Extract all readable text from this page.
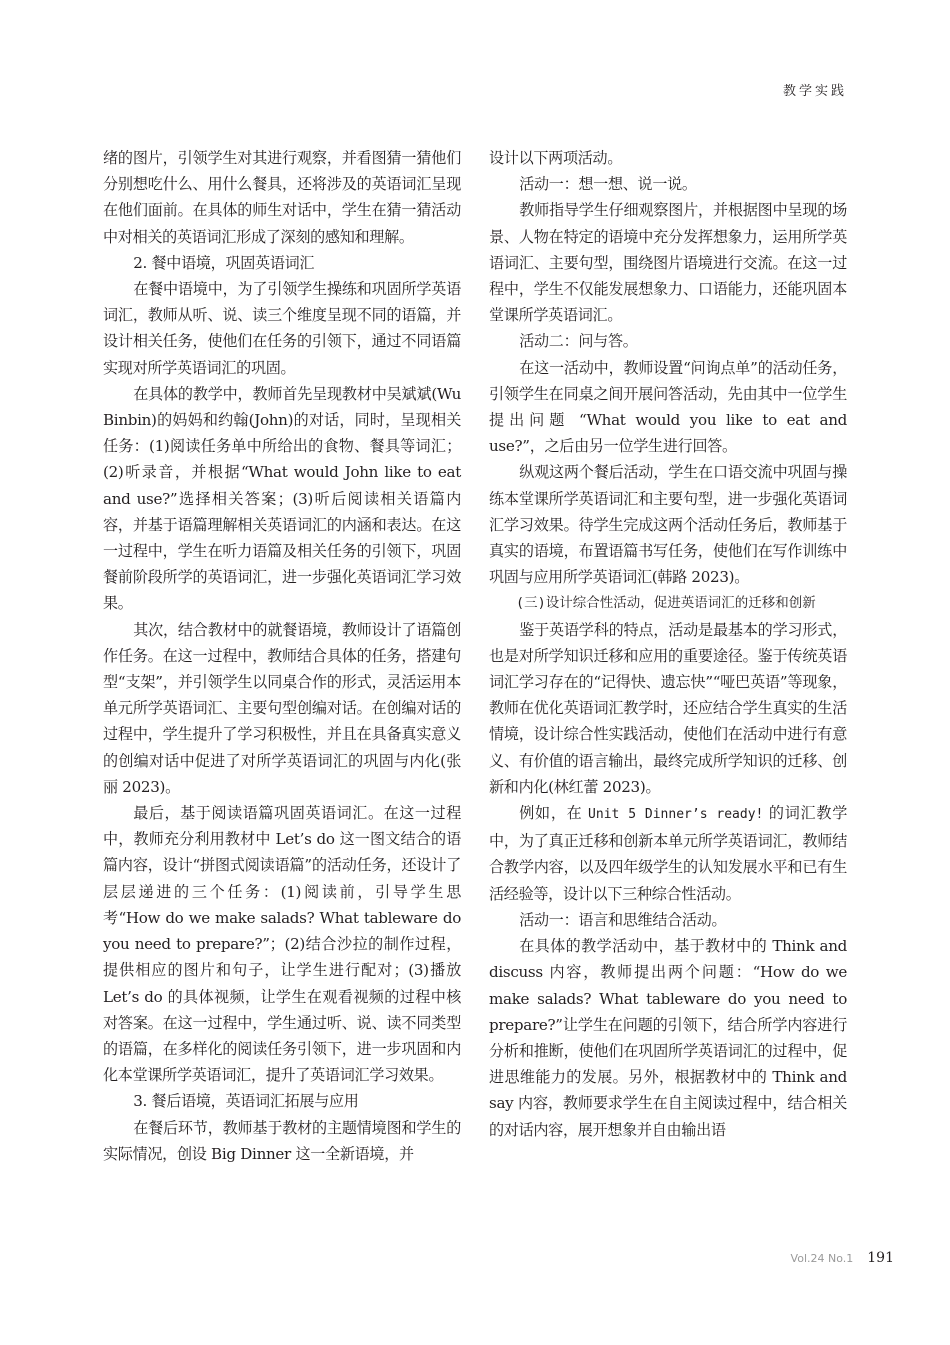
教学实践

绪的图片，引领学生对其进行观察，并看图猜一猜他们分别想吃什么、用什么餐具，还将涉及的英语词汇呈现在他们面前。在具体的师生对话中，学生在猜一猜活动中对相关的英语词汇形成了深刻的感知和理解。

2. 餐中语境，巩固英语词汇

在餐中语境中，为了引领学生操练和巩固所学英语词汇，教师从听、说、读三个维度呈现不同的语篇，并设计相关任务，使他们在任务的引领下，通过不同语篇实现对所学英语词汇的巩固。

在具体的教学中，教师首先呈现教材中吴斌斌(Wu Binbin)的妈妈和约翰(John)的对话，同时，呈现相关任务：(1)阅读任务单中所给出的食物、餐具等词汇；(2)听录音，并根据“What would John like to eat and use?”选择相关答案；(3)听后阅读相关语篇内容，并基于语篇理解相关英语词汇的内涵和表达。在这一过程中，学生在听力语篇及相关任务的引领下，巩固餐前阶段所学的英语词汇，进一步强化英语词汇学习效果。

其次，结合教材中的就餐语境，教师设计了语篇创作任务。在这一过程中，教师结合具体的任务，搭建句型“支架”，并引领学生以同桌合作的形式，灵活运用本单元所学英语词汇、主要句型创编对话。在创编对话的过程中，学生提升了学习积极性，并且在具备真实意义的创编对话中促进了对所学英语词汇的巩固与内化(张丽 2023)。

最后，基于阅读语篇巩固英语词汇。在这一过程中，教师充分利用教材中 Let’s do 这一图文结合的语篇内容，设计“拼图式阅读语篇”的活动任务，还设计了层层递进的三个任务：(1)阅读前，引导学生思考“How do we make salads? What tableware do you need to prepare?”；(2)结合沙拉的制作过程，提供相应的图片和句子，让学生进行配对；(3)播放 Let’s do 的具体视频，让学生在观看视频的过程中核对答案。在这一过程中，学生通过听、说、读不同类型的语篇，在多样化的阅读任务引领下，进一步巩固和内化本堂课所学英语词汇，提升了英语词汇学习效果。

3. 餐后语境，英语词汇拓展与应用

在餐后环节，教师基于教材的主题情境图和学生的实际情况，创设 Big Dinner 这一全新语境，并

设计以下两项活动。

活动一：想一想、说一说。

教师指导学生仔细观察图片，并根据图中呈现的场景、人物在特定的语境中充分发挥想象力，运用所学英语词汇、主要句型，围绕图片语境进行交流。在这一过程中，学生不仅能发展想象力、口语能力，还能巩固本堂课所学英语词汇。

活动二：问与答。

在这一活动中，教师设置“问询点单”的活动任务，引领学生在同桌之间开展问答活动，先由其中一位学生提出问题 “What would you like to eat and use?”，之后由另一位学生进行回答。

纵观这两个餐后活动，学生在口语交流中巩固与操练本堂课所学英语词汇和主要句型，进一步强化英语词汇学习效果。待学生完成这两个活动任务后，教师基于真实的语境，布置语篇书写任务，使他们在写作训练中巩固与应用所学英语词汇(韩路 2023)。

(三)设计综合性活动，促进英语词汇的迁移和创新

鉴于英语学科的特点，活动是最基本的学习形式，也是对所学知识迁移和应用的重要途径。鉴于传统英语词汇学习存在的“记得快、遗忘快”“哑巴英语”等现象，教师在优化英语词汇教学时，还应结合学生真实的生活情境，设计综合性实践活动，使他们在活动中进行有意义、有价值的语言输出，最终完成所学知识的迁移、创新和内化(林红蕾 2023)。

例如，在 Unit 5 Dinner’s ready! 的词汇教学中，为了真正迁移和创新本单元所学英语词汇，教师结合教学内容，以及四年级学生的认知发展水平和已有生活经验等，设计以下三种综合性活动。

活动一：语言和思维结合活动。

在具体的教学活动中，基于教材中的 Think and discuss 内容，教师提出两个问题：“How do we make salads? What tableware do you need to prepare?”让学生在问题的引领下，结合所学内容进行分析和推断，使他们在巩固所学英语词汇的过程中，促进思维能力的发展。另外，根据教材中的 Think and say 内容，教师要求学生在自主阅读过程中，结合相关的对话内容，展开想象并自由输出语

Vol.24 No.1 191
